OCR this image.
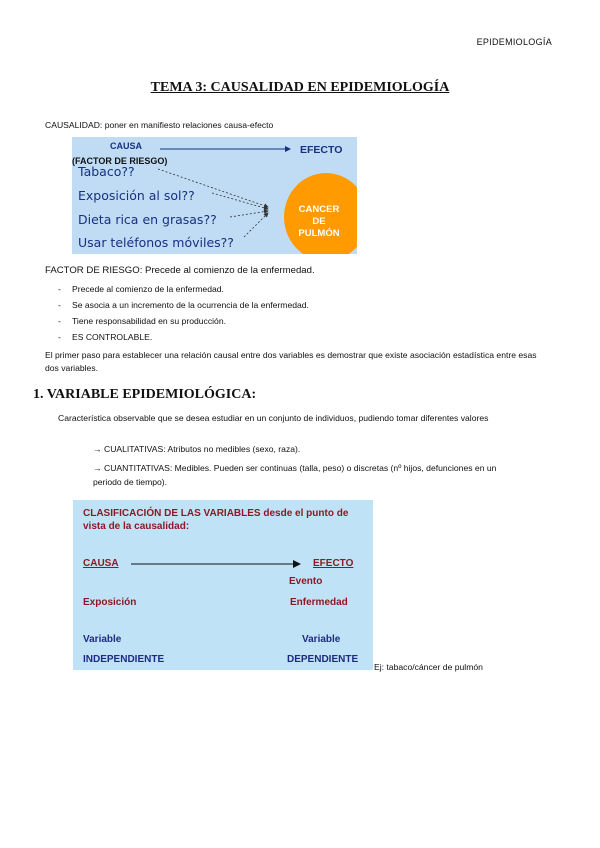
EPIDEMIOLOGÍA
TEMA 3: CAUSALIDAD EN EPIDEMIOLOGÍA
CAUSALIDAD: poner en manifiesto relaciones causa-efecto
CAUSA	EFECTO
(FACTOR DE RIESGO)
Tabaco??
Exposición al sol??
Dieta rica en grasas??
Usar teléfonos móviles??
CANCER
DE
PULMÓN
FACTOR DE RIESGO: Precede al comienzo de la enfermedad.
- Precede al comienzo de la enfermedad.
- Se asocia a un incremento de la ocurrencia de la enfermedad.
- Tiene responsabilidad en su producción.
- ES CONTROLABLE.
El primer paso para establecer una relación causal entre dos variables es demostrar que existe asociación estadística entre esas dos variables.
1. VARIABLE EPIDEMIOLÓGICA:
Característica observable que se desea estudiar en un conjunto de individuos, pudiendo tomar diferentes valores
→ CUALITATIVAS: Atributos no medibles (sexo, raza).
→ CUANTITATIVAS: Medibles. Pueden ser continuas (talla, peso) o discretas (nº hijos, defunciones en un periodo de tiempo).
CLASIFICACIÓN DE LAS VARIABLES desde el punto de vista de la causalidad:
CAUSA	EFECTO
Evento
Exposición	Enfermedad
Variable	Variable
INDEPENDIENTE	DEPENDIENTE
Ej: tabaco/cáncer de pulmón
